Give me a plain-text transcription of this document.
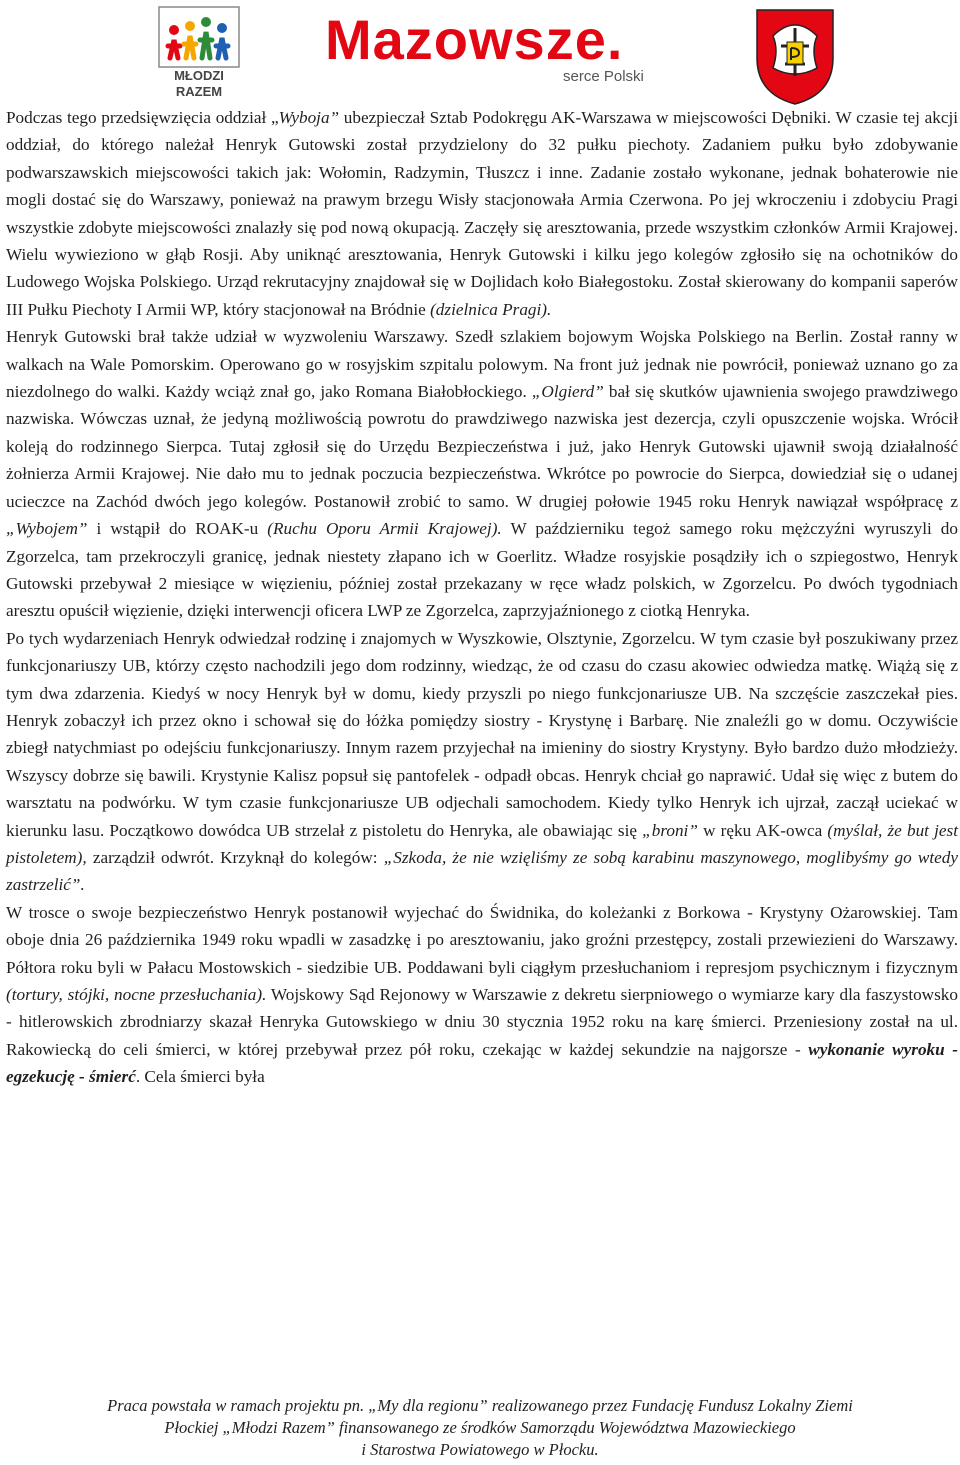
MŁODZI RAZEM
Mazowsze.
serce Polski

Podczas tego przedsięwzięcia oddział „Wyboja” ubezpieczał Sztab Podokręgu AK-Warszawa w miejscowości Dębniki. W czasie tej akcji oddział, do którego należał Henryk Gutowski został przydzielony do 32 pułku piechoty. Zadaniem pułku było zdobywanie podwarszawskich miejscowości takich jak: Wołomin, Radzymin, Tłuszcz i inne. Zadanie zostało wykonane, jednak bohaterowie nie mogli dostać się do Warszawy, ponieważ na prawym brzegu Wisły stacjonowała Armia Czerwona. Po jej wkroczeniu i zdobyciu Pragi wszystkie zdobyte miejscowości znalazły się pod nową okupacją. Zaczęły się aresztowania, przede wszystkim członków Armii Krajowej. Wielu wywieziono w głąb Rosji. Aby uniknąć aresztowania, Henryk Gutowski i kilku jego kolegów zgłosiło się na ochotników do Ludowego Wojska Polskiego. Urząd rekrutacyjny znajdował się w Dojlidach koło Białegostoku. Został skierowany do kompanii saperów III Pułku Piechoty I Armii WP, który stacjonował na Bródnie (dzielnica Pragi).

Henryk Gutowski brał także udział w wyzwoleniu Warszawy. Szedł szlakiem bojowym Wojska Polskiego na Berlin. Został ranny w walkach na Wale Pomorskim. Operowano go w rosyjskim szpitalu polowym. Na front już jednak nie powrócił, ponieważ uznano go za niezdolnego do walki. Każdy wciąż znał go, jako Romana Białobłockiego. „Olgierd” bał się skutków ujawnienia swojego prawdziwego nazwiska. Wówczas uznał, że jedyną możliwością powrotu do prawdziwego nazwiska jest dezercja, czyli opuszczenie wojska. Wrócił koleją do rodzinnego Sierpca. Tutaj zgłosił się do Urzędu Bezpieczeństwa i już, jako Henryk Gutowski ujawnił swoją działalność żołnierza Armii Krajowej. Nie dało mu to jednak poczucia bezpieczeństwa. Wkrótce po powrocie do Sierpca, dowiedział się o udanej ucieczce na Zachód dwóch jego kolegów. Postanowił zrobić to samo. W drugiej połowie 1945 roku Henryk nawiązał współpracę z „Wybojem” i wstąpił do ROAK-u (Ruchu Oporu Armii Krajowej). W październiku tegoż samego roku mężczyźni wyruszyli do Zgorzelca, tam przekroczyli granicę, jednak niestety złapano ich w Goerlitz. Władze rosyjskie posądziły ich o szpiegostwo, Henryk Gutowski przebywał 2 miesiące w więzieniu, później został przekazany w ręce władz polskich, w Zgorzelcu. Po dwóch tygodniach aresztu opuścił więzienie, dzięki interwencji oficera LWP ze Zgorzelca, zaprzyjaźnionego z ciotką Henryka.

Po tych wydarzeniach Henryk odwiedzał rodzinę i znajomych w Wyszkowie, Olsztynie, Zgorzelcu. W tym czasie był poszukiwany przez funkcjonariuszy UB, którzy często nachodzili jego dom rodzinny, wiedząc, że od czasu do czasu akowiec odwiedza matkę. Wiążą się z tym dwa zdarzenia. Kiedyś w nocy Henryk był w domu, kiedy przyszli po niego funkcjonariusze UB. Na szczęście zaszczekał pies. Henryk zobaczył ich przez okno i schował się do łóżka pomiędzy siostry - Krystynę i Barbarę. Nie znaleźli go w domu. Oczywiście zbiegł natychmiast po odejściu funkcjonariuszy. Innym razem przyjechał na imieniny do siostry Krystyny. Było bardzo dużo młodzieży. Wszyscy dobrze się bawili. Krystynie Kalisz popsuł się pantofelek - odpadł obcas. Henryk chciał go naprawić. Udał się więc z butem do warsztatu na podwórku. W tym czasie funkcjonariusze UB odjechali samochodem. Kiedy tylko Henryk ich ujrzał, zaczął uciekać w kierunku lasu. Początkowo dowódca UB strzelał z pistoletu do Henryka, ale obawiając się „broni” w ręku AK-owca (myślał, że but jest pistoletem), zarządził odwrót. Krzyknął do kolegów: „Szkoda, że nie wzięliśmy ze sobą karabinu maszynowego, moglibyśmy go wtedy zastrzelić”.

W trosce o swoje bezpieczeństwo Henryk postanowił wyjechać do Świdnika, do koleżanki z Borkowa - Krystyny Ożarowskiej. Tam oboje dnia 26 października 1949 roku wpadli w zasadzkę i po aresztowaniu, jako groźni przestępcy, zostali przewiezieni do Warszawy. Półtora roku byli w Pałacu Mostowskich - siedzibie UB. Poddawani byli ciągłym przesłuchaniom i represjom psychicznym i fizycznym (tortury, stójki, nocne przesłuchania). Wojskowy Sąd Rejonowy w Warszawie z dekretu sierpniowego o wymiarze kary dla faszystowsko - hitlerowskich zbrodniarzy skazał Henryka Gutowskiego w dniu 30 stycznia 1952 roku na karę śmierci. Przeniesiony został na ul. Rakowiecką do celi śmierci, w której przebywał przez pół roku, czekając w każdej sekundzie na najgorsze - wykonanie wyroku - egzekucję - śmierć. Cela śmierci była

Praca powstała w ramach projektu pn. „My dla regionu” realizowanego przez Fundację Fundusz Lokalny Ziemi
Płockiej „Młodzi Razem” finansowanego ze środków Samorządu Województwa Mazowieckiego
i Starostwa Powiatowego w Płocku.
